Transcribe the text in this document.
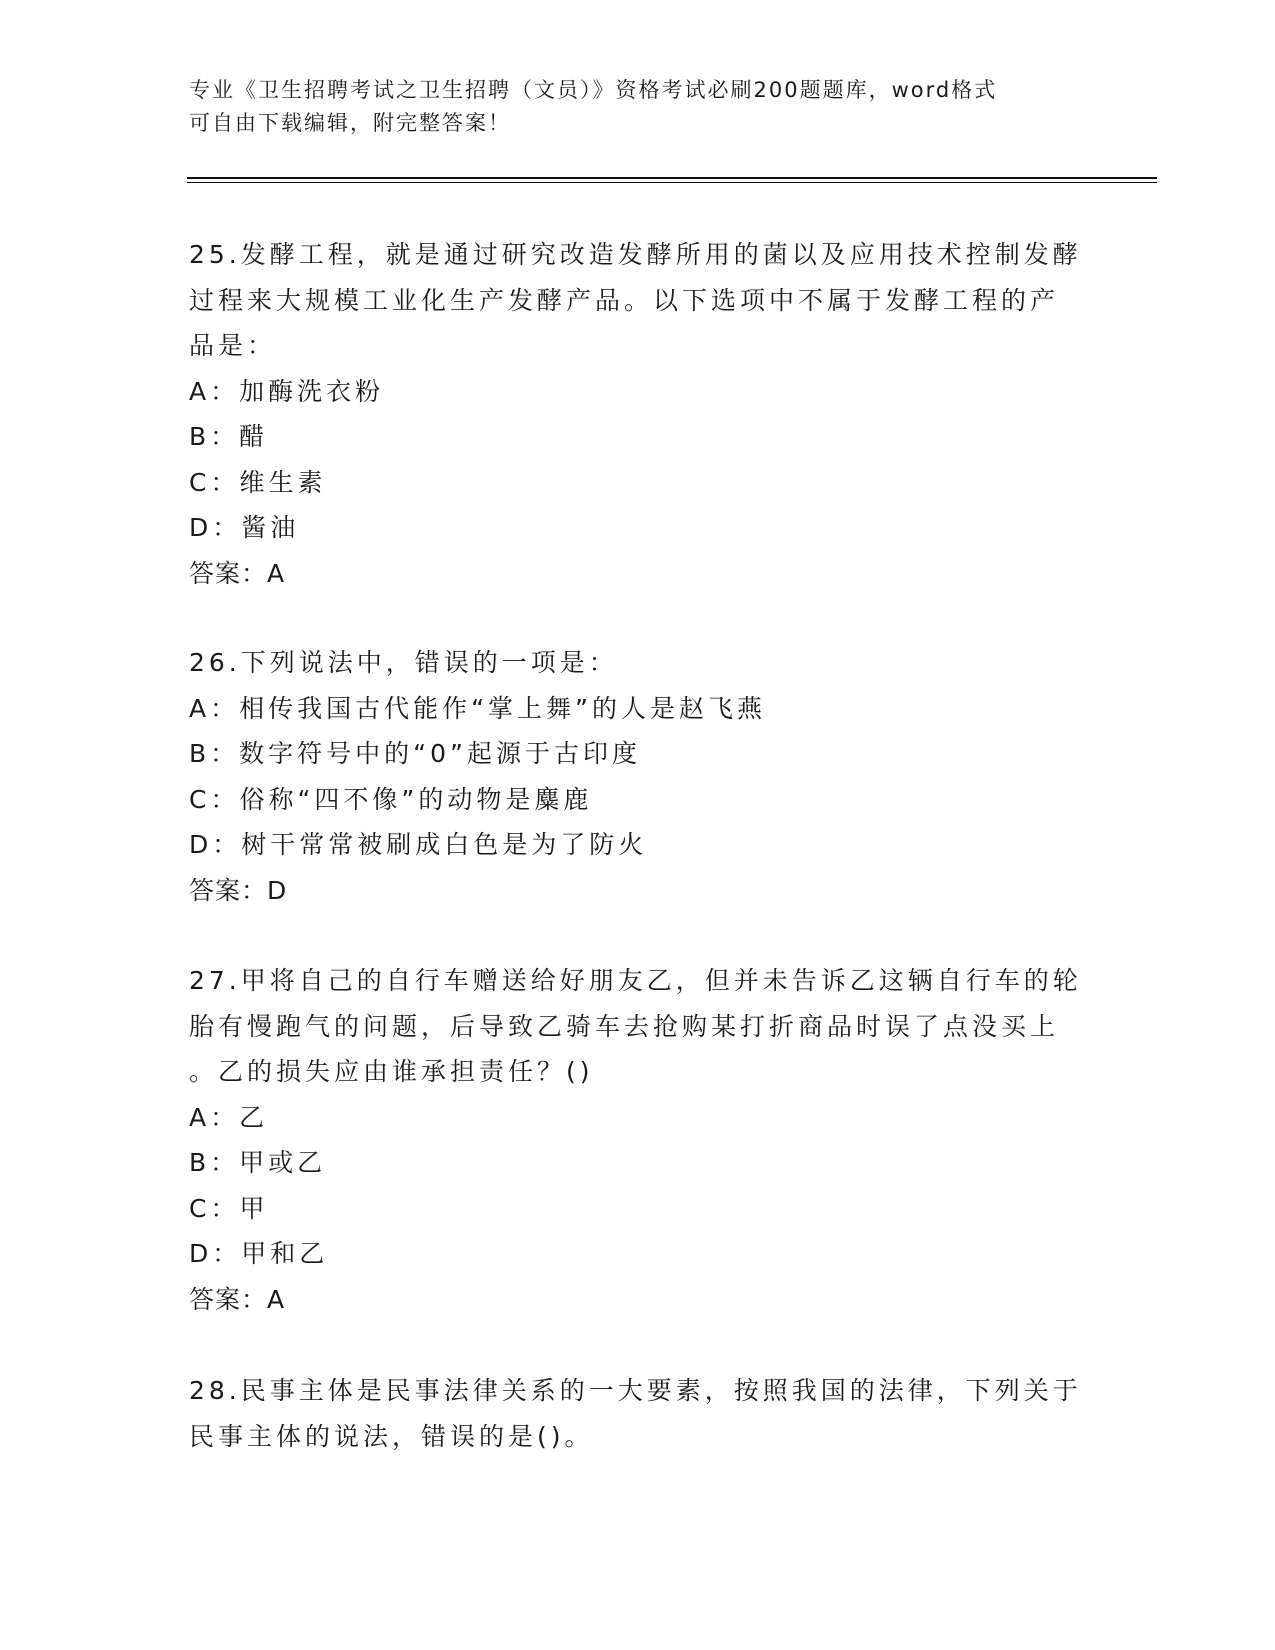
专业《卫生招聘考试之卫生招聘（文员）》资格考试必刷200题题库，word格式
可自由下载编辑，附完整答案！

25.发酵工程，就是通过研究改造发酵所用的菌以及应用技术控制发酵

过程来大规模工业化生产发酵产品。以下选项中不属于发酵工程的产

品是：

A：加酶洗衣粉

B：醋

C：维生素

D：酱油

答案：A

26.下列说法中，错误的一项是：

A：相传我国古代能作“掌上舞”的人是赵飞燕

B：数字符号中的“0”起源于古印度

C：俗称“四不像”的动物是麋鹿

D：树干常常被刷成白色是为了防火

答案：D

27.甲将自己的自行车赠送给好朋友乙，但并未告诉乙这辆自行车的轮

胎有慢跑气的问题，后导致乙骑车去抢购某打折商品时误了点没买上

。乙的损失应由谁承担责任？()

A：乙

B：甲或乙

C：甲

D：甲和乙

答案：A

28.民事主体是民事法律关系的一大要素，按照我国的法律，下列关于

民事主体的说法，错误的是()。
